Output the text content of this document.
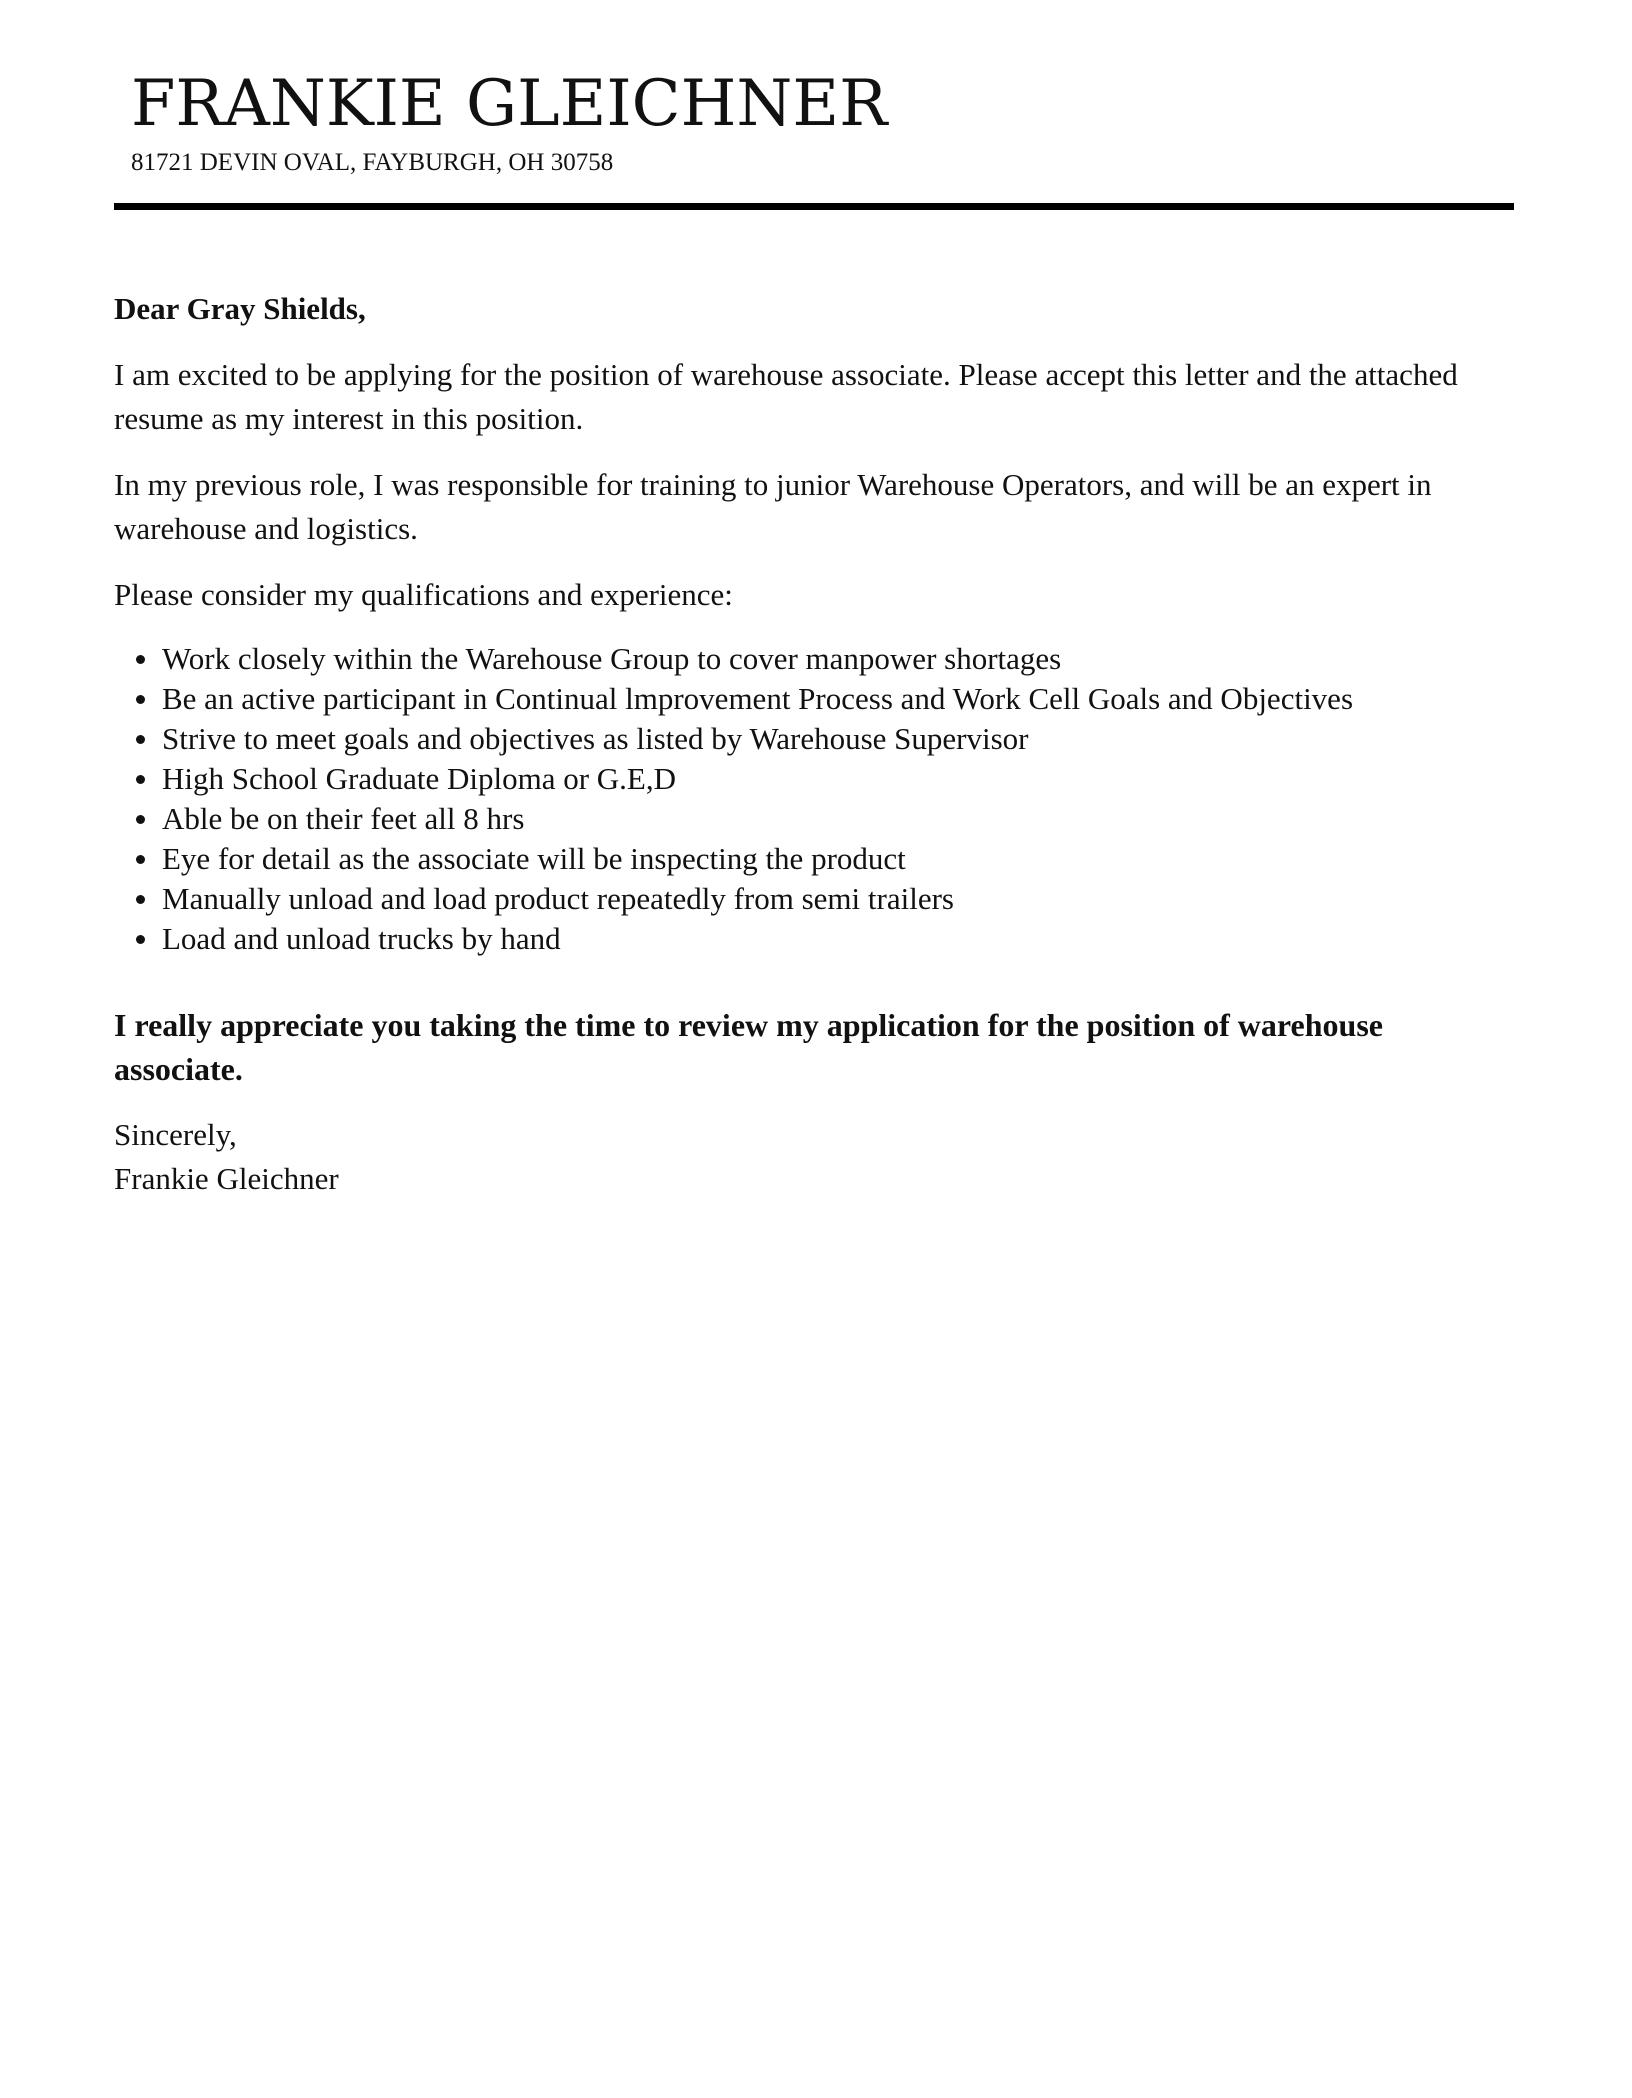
FRANKIE GLEICHNER
81721 DEVIN OVAL, FAYBURGH, OH 30758

Dear Gray Shields,

I am excited to be applying for the position of warehouse associate. Please accept this letter and the attached resume as my interest in this position.

In my previous role, I was responsible for training to junior Warehouse Operators, and will be an expert in warehouse and logistics.

Please consider my qualifications and experience:

Work closely within the Warehouse Group to cover manpower shortages
Be an active participant in Continual lmprovement Process and Work Cell Goals and Objectives
Strive to meet goals and objectives as listed by Warehouse Supervisor
High School Graduate Diploma or G.E,D
Able be on their feet all 8 hrs
Eye for detail as the associate will be inspecting the product
Manually unload and load product repeatedly from semi trailers
Load and unload trucks by hand

I really appreciate you taking the time to review my application for the position of warehouse associate.

Sincerely,

Frankie Gleichner
